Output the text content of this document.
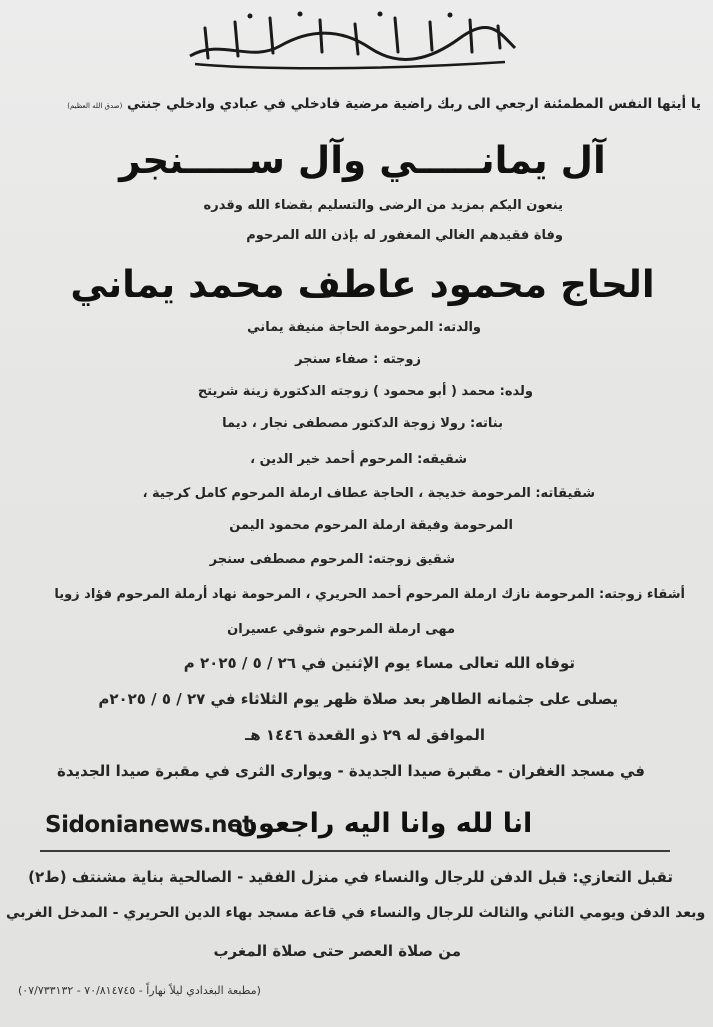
يا أيتها النفس المطمئنة ارجعي الى ربك راضية مرضية فادخلي في عبادي وادخلي جنتي (صدق الله العظيم)
آل يمانـــــي وآل ســـــنجر
ينعون اليكم بمزيد من الرضى والتسليم بقضاء الله وقدره
وفاة فقيدهم الغالي المغفور له بإذن الله المرحوم
الحاج محمود عاطف محمد يماني
والدته: المرحومة الحاجة منيفة يماني
زوجته : صفاء سنجر
ولده: محمد ( أبو محمود ) زوجته الدكتورة زينة شريتح
بناته: رولا زوجة الدكتور مصطفى نجار ، ديما
شقيقه: المرحوم أحمد خير الدين ،
شقيقاته: المرحومة خديجة ، الحاجة عطاف ارملة المرحوم كامل كرجية ،
المرحومة وفيقة ارملة المرحوم محمود اليمن
شقيق زوجته: المرحوم مصطفى سنجر
أشقاء زوجته: المرحومة نازك ارملة المرحوم أحمد الحريري ، المرحومة نهاد أرملة المرحوم فؤاد زويا
مهى ارملة المرحوم شوقي عسيران
توفاه الله تعالى مساء يوم الإثنين في ٢٦ / ٥ / ٢٠٢٥ م
يصلى على جثمانه الطاهر بعد صلاة ظهر يوم الثلاثاء في ٢٧ / ٥ / ٢٠٢٥م
الموافق له ٢٩ ذو القعدة ١٤٤٦ هـ
في مسجد الغفران - مقبرة صيدا الجديدة - ويوارى الثرى في مقبرة صيدا الجديدة
Sidonianews.net
انا لله وانا اليه راجعون
تقبل التعازي: قبل الدفن للرجال والنساء في منزل الفقيد - الصالحية بناية مشنتف (ط٢)
وبعد الدفن ويومي الثاني والثالث للرجال والنساء في قاعة مسجد بهاء الدين الحريري - المدخل الغربي
من صلاة العصر حتى صلاة المغرب
(مطبعة البغدادي ليلاً نهاراً - ٧٠/٨١٤٧٤٥ - ٠٧/٧٣٣١٣٢)
